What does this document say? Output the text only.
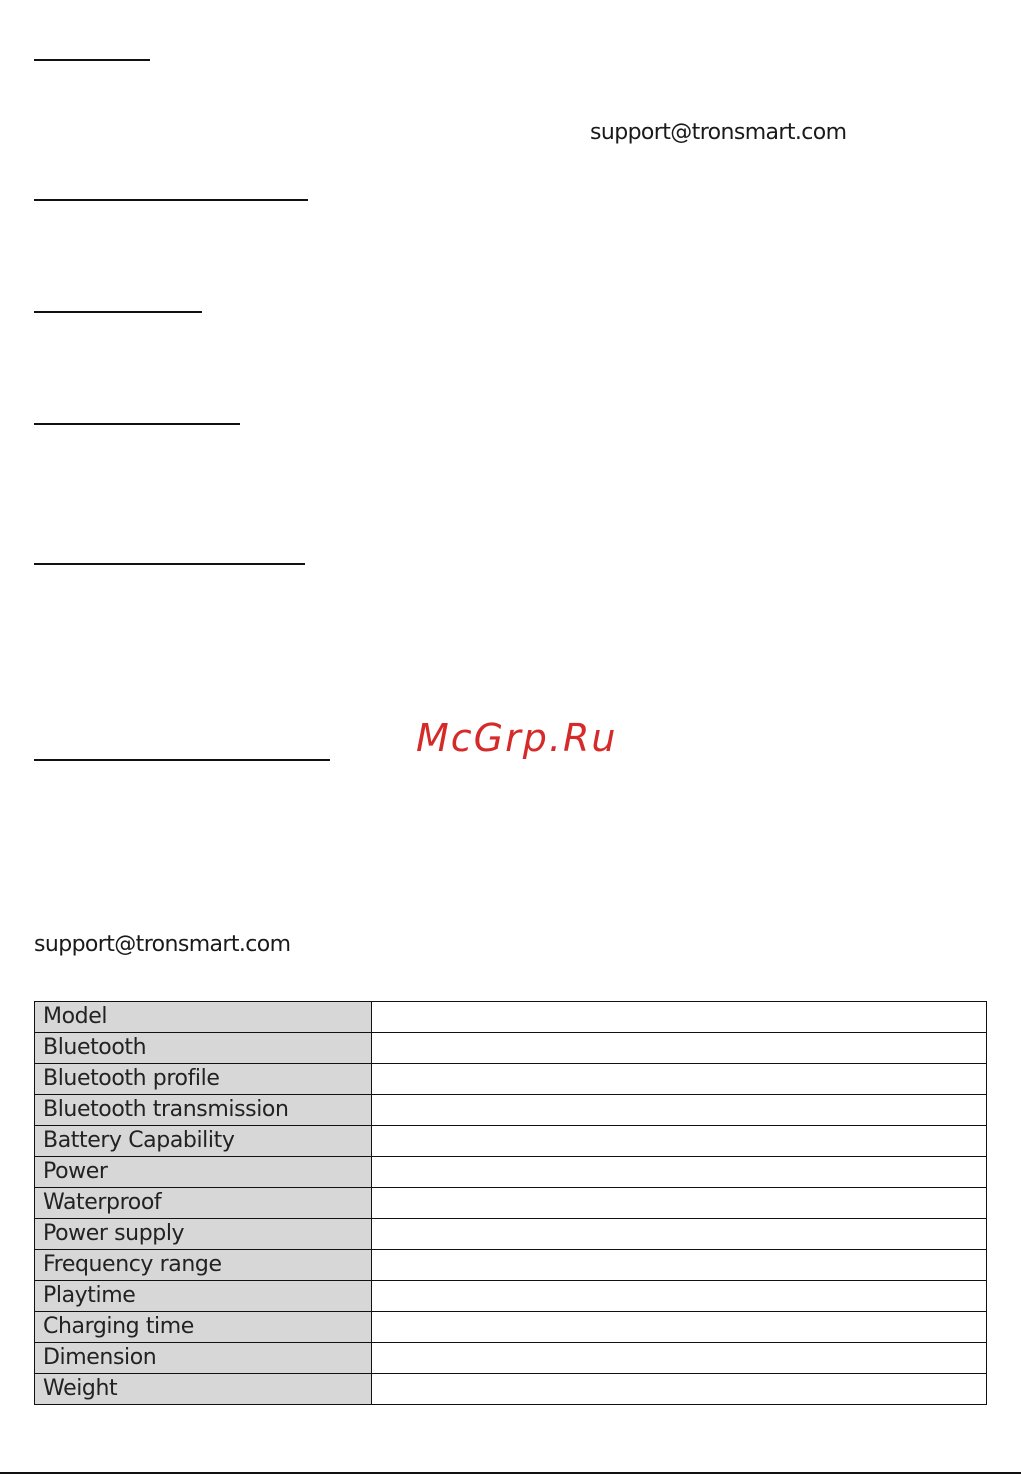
support@tronsmart.com
McGrp.Ru
support@tronsmart.com
Model	
Bluetooth	
Bluetooth profile	
Bluetooth transmission	
Battery Capability	
Power	
Waterproof	
Power supply	
Frequency range	
Playtime	
Charging time	
Dimension	
Weight	
